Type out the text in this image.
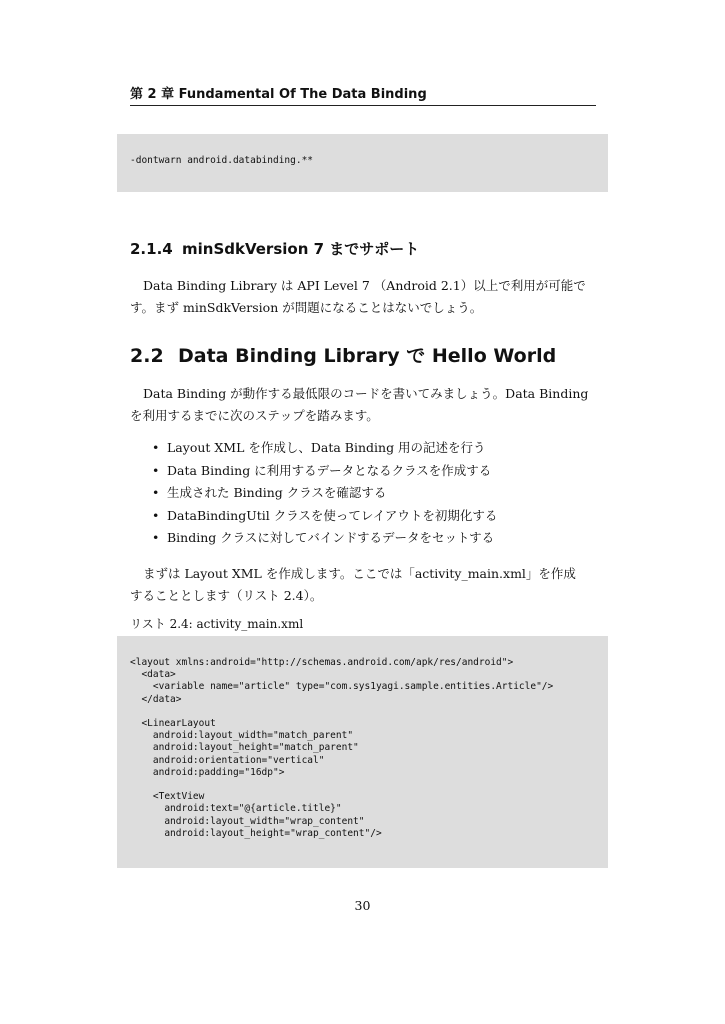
第 2 章 Fundamental Of The Data Binding
-dontwarn android.databinding.**
2.1.4 minSdkVersion 7 までサポート
Data Binding Library は API Level 7 （Android 2.1）以上で利用が可能で
す。まず minSdkVersion が問題になることはないでしょう。
2.2 Data Binding Library で Hello World
Data Binding が動作する最低限のコードを書いてみましょう。Data Binding
を利用するまでに次のステップを踏みます。
• Layout XML を作成し、Data Binding 用の記述を行う
• Data Binding に利用するデータとなるクラスを作成する
• 生成された Binding クラスを確認する
• DataBindingUtil クラスを使ってレイアウトを初期化する
• Binding クラスに対してバインドするデータをセットする
まずは Layout XML を作成します。ここでは「activity_main.xml」を作成
することとします（リスト 2.4）。
リスト 2.4: activity_main.xml
<layout xmlns:android="http://schemas.android.com/apk/res/android">
<data>
<variable name="article" type="com.sys1yagi.sample.entities.Article"/>
</data>

<LinearLayout
android:layout_width="match_parent"
android:layout_height="match_parent"
android:orientation="vertical"
android:padding="16dp">

<TextView
android:text="@{article.title}"
android:layout_width="wrap_content"
android:layout_height="wrap_content"/>
30
